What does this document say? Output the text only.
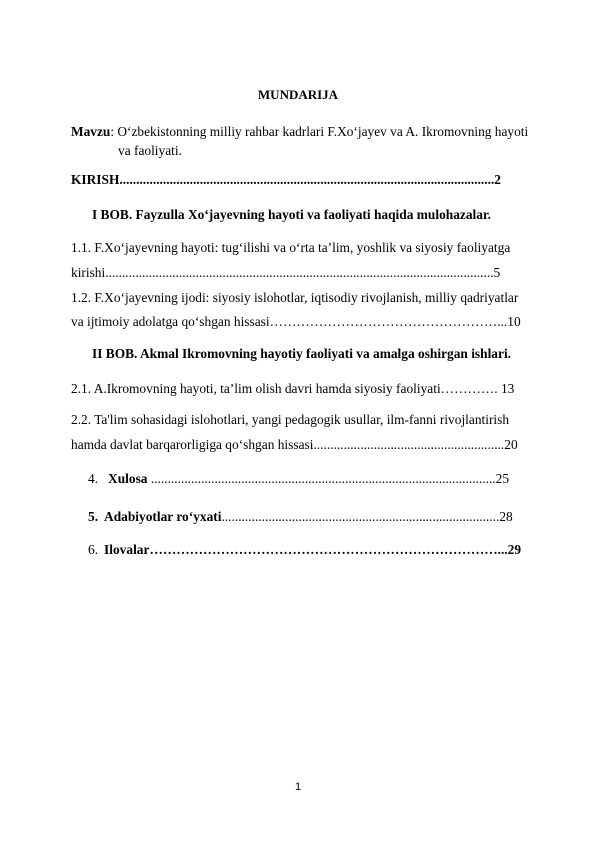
MUNDARIJA
Mavzu: O‘zbekistonning milliy rahbar kadrlari F.Xo‘jayev va A. Ikromovning hayoti
va faoliyati.
KIRISH................................................................................................................2
I BOB. Fayzulla Xo‘jayevning hayoti va faoliyati haqida mulohazalar.
1.1. F.Xo‘jayevning hayoti: tug‘ilishi va o‘rta ta’lim, yoshlik va siyosiy faoliyatga
kirishi....................................................................................................................5
1.2. F.Xo‘jayevning ijodi: siyosiy islohotlar, iqtisodiy rivojlanish, milliy qadriyatlar
va ijtimoiy adolatga qo‘shgan hissasi……………………………………………...10
II BOB. Akmal Ikromovning hayotiy faoliyati va amalga oshirgan ishlari.
2.1. A.Ikromovning hayoti, ta’lim olish davri hamda siyosiy faoliyati…………. 13
2.2. Ta'lim sohasidagi islohotlari, yangi pedagogik usullar, ilm-fanni rivojlantirish
hamda davlat barqarorligiga qo‘shgan hissasi.........................................................20
4. Xulosa .......................................................................................................25
5. Adabiyotlar ro‘yxati...................................................................................28
6. Ilovalar……………………………………………………………………...29
1
